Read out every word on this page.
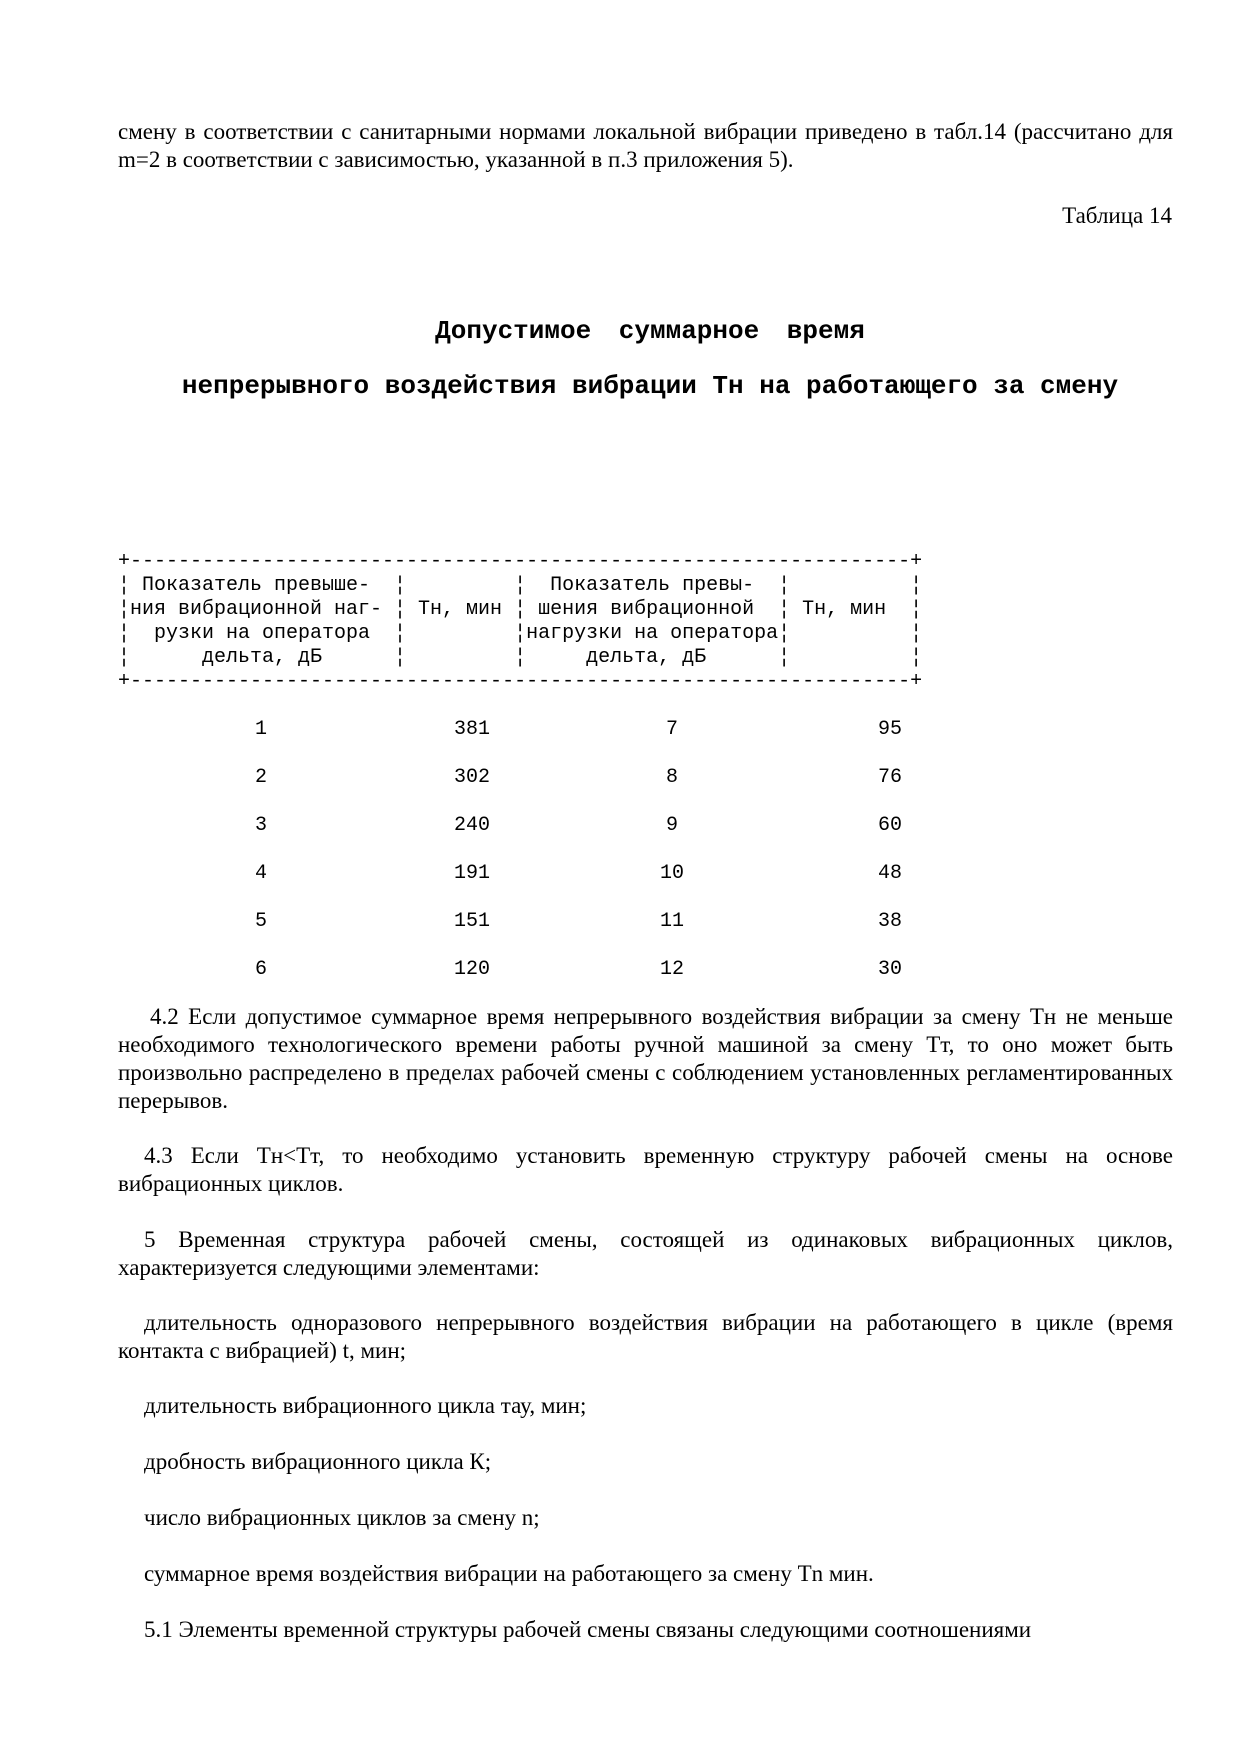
смену в соответствии с санитарными нормами локальной вибрации приведено в табл.14 (рассчитано для m=2 в соответствии с зависимостью, указанной в п.3 приложения 5).
Таблица 14
Допустимое суммарное время
непрерывного воздействия вибрации Тн на работающего за смену
+-----------------------------------------------------------------+
¦ Показатель превыше-  ¦         ¦  Показатель превы-  ¦          ¦
¦ния вибрационной наг- ¦ Тн, мин ¦ шения вибрационной  ¦ Тн, мин  ¦
¦  рузки на оператора  ¦         ¦нагрузки на оператора¦          ¦
¦      дельта, дБ      ¦         ¦     дельта, дБ      ¦          ¦
+-----------------------------------------------------------------+
1	381	7	95
2	302	8	76
3	240	9	60
4	191	10	48
5	151	11	38
6	120	12	30
4.2 Если допустимое суммарное время непрерывного воздействия вибрации за смену Тн не меньше необходимого технологического времени работы ручной машиной за смену Тт, то оно может быть произвольно распределено в пределах рабочей смены с соблюдением установленных регламентированных перерывов.
4.3 Если Тн<Тт, то необходимо установить временную структуру рабочей смены на основе вибрационных циклов.
5 Временная структура рабочей смены, состоящей из одинаковых вибрационных циклов, характеризуется следующими элементами:
длительность одноразового непрерывного воздействия вибрации на работающего в цикле (время контакта с вибрацией) t, мин;
длительность вибрационного цикла тау, мин;
дробность вибрационного цикла К;
число вибрационных циклов за смену n;
суммарное время воздействия вибрации на работающего за смену Тn мин.
5.1 Элементы временной структуры рабочей смены связаны следующими соотношениями
